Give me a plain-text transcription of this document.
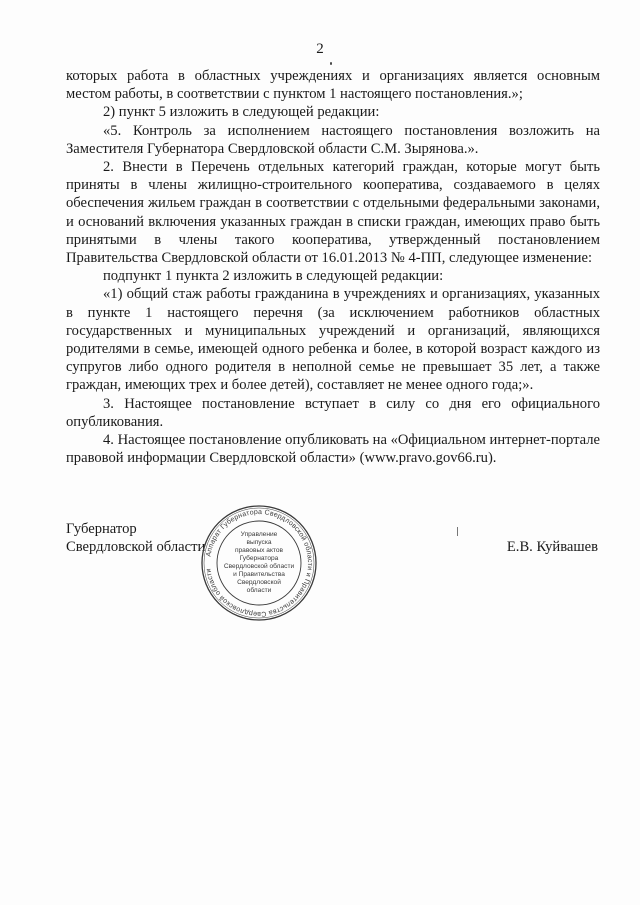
2

которых работа в областных учреждениях и организациях является основным местом работы, в соответствии с пунктом 1 настоящего постановления.»;

2) пункт 5 изложить в следующей редакции:

«5. Контроль за исполнением настоящего постановления возложить на Заместителя Губернатора Свердловской области С.М. Зырянова.».

2. Внести в Перечень отдельных категорий граждан, которые могут быть приняты в члены жилищно-строительного кооператива, создаваемого в целях обеспечения жильем граждан в соответствии с отдельными федеральными законами, и оснований включения указанных граждан в списки граждан, имеющих право быть принятыми в члены такого кооператива, утвержденный постановлением Правительства Свердловской области от 16.01.2013 № 4-ПП, следующее изменение:

подпункт 1 пункта 2 изложить в следующей редакции:

«1) общий стаж работы гражданина в учреждениях и организациях, указанных в пункте 1 настоящего перечня (за исключением работников областных государственных и муниципальных учреждений и организаций, являющихся родителями в семье, имеющей одного ребенка и более, в которой возраст каждого из супругов либо одного родителя в неполной семье не превышает 35 лет, а также граждан, имеющих трех и более детей), составляет не менее одного года;».

3. Настоящее постановление вступает в силу со дня его официального опубликования.

4. Настоящее постановление опубликовать на «Официальном интернет-портале правовой информации Свердловской области» (www.pravo.gov66.ru).

Губернатор
Свердловской области	Е.В. Куйвашев
Аппарат Губернатора Свердловской области и Правительства Свердловской области
Управление
выпуска
правовых актов
Губернатора
Свердловской области
и Правительства
Свердловской
области
